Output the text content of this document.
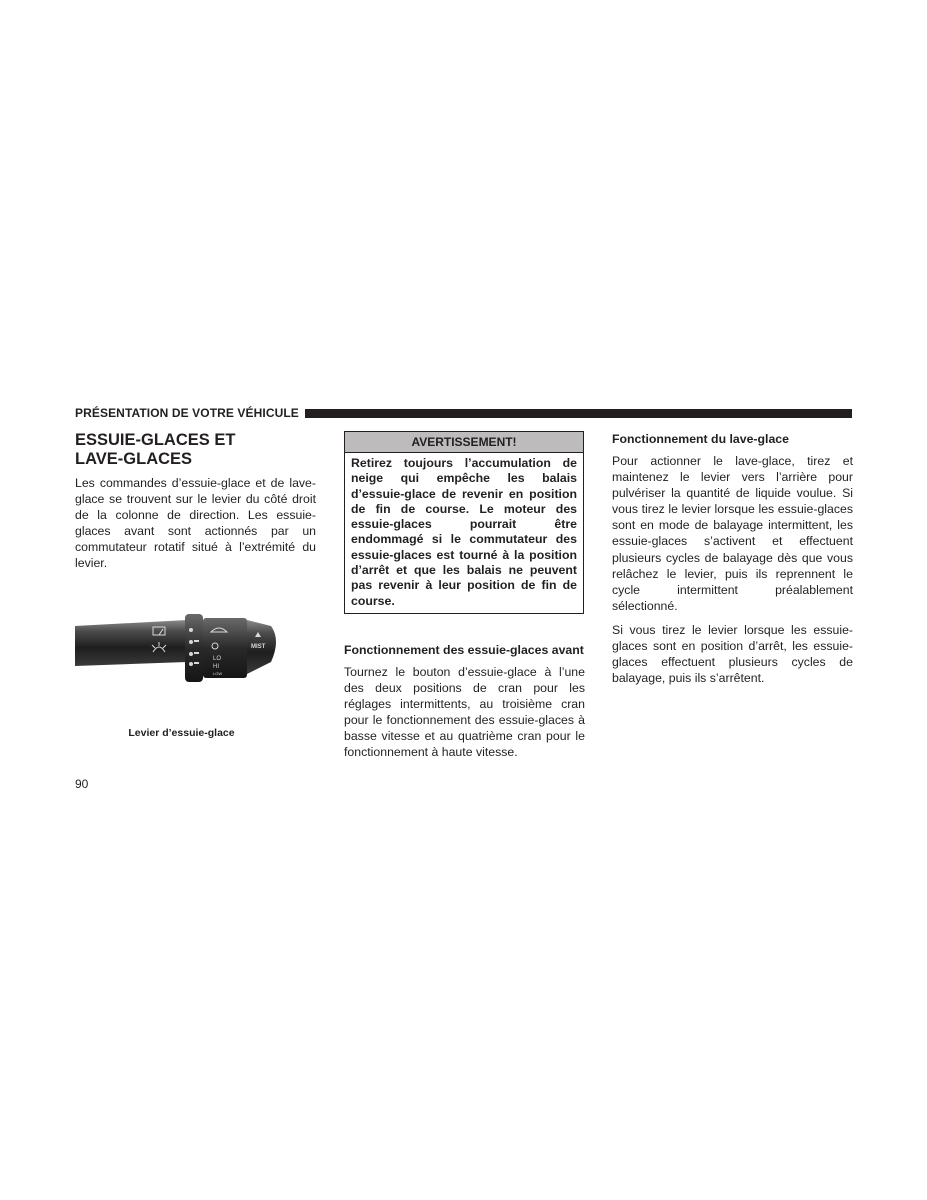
PRÉSENTATION DE VOTRE VÉHICULE
ESSUIE-GLACES ET
LAVE-GLACES

Les commandes d’essuie-glace et de lave-glace se trouvent sur le levier du côté droit de la colonne de direction. Les essuie-glaces avant sont actionnés par un commutateur rotatif situé à l’extrémité du levier.

LO
HI
LOW
MIST
Levier d’essuie-glace
AVERTISSEMENT!
Retirez toujours l’accumulation de neige qui empêche les balais d’essuie-glace de revenir en position de fin de course. Le moteur des essuie-glaces pourrait être endommagé si le commutateur des essuie-glaces est tourné à la position d’arrêt et que les balais ne peuvent pas revenir à leur position de fin de course.
Fonctionnement des essuie-glaces avant

Tournez le bouton d’essuie-glace à l’une des deux positions de cran pour les réglages intermittents, au troisième cran pour le fonctionnement des essuie-glaces à basse vitesse et au quatrième cran pour le fonctionnement à haute vitesse.

Fonctionnement du lave-glace

Pour actionner le lave-glace, tirez et maintenez le levier vers l’arrière pour pulvériser la quantité de liquide voulue. Si vous tirez le levier lorsque les essuie-glaces sont en mode de balayage intermittent, les essuie-glaces s’activent et effectuent plusieurs cycles de balayage dès que vous relâchez le levier, puis ils reprennent le cycle intermittent préalablement sélectionné.

Si vous tirez le levier lorsque les essuie-glaces sont en position d’arrêt, les essuie-glaces effectuent plusieurs cycles de balayage, puis ils s’arrêtent.

90
